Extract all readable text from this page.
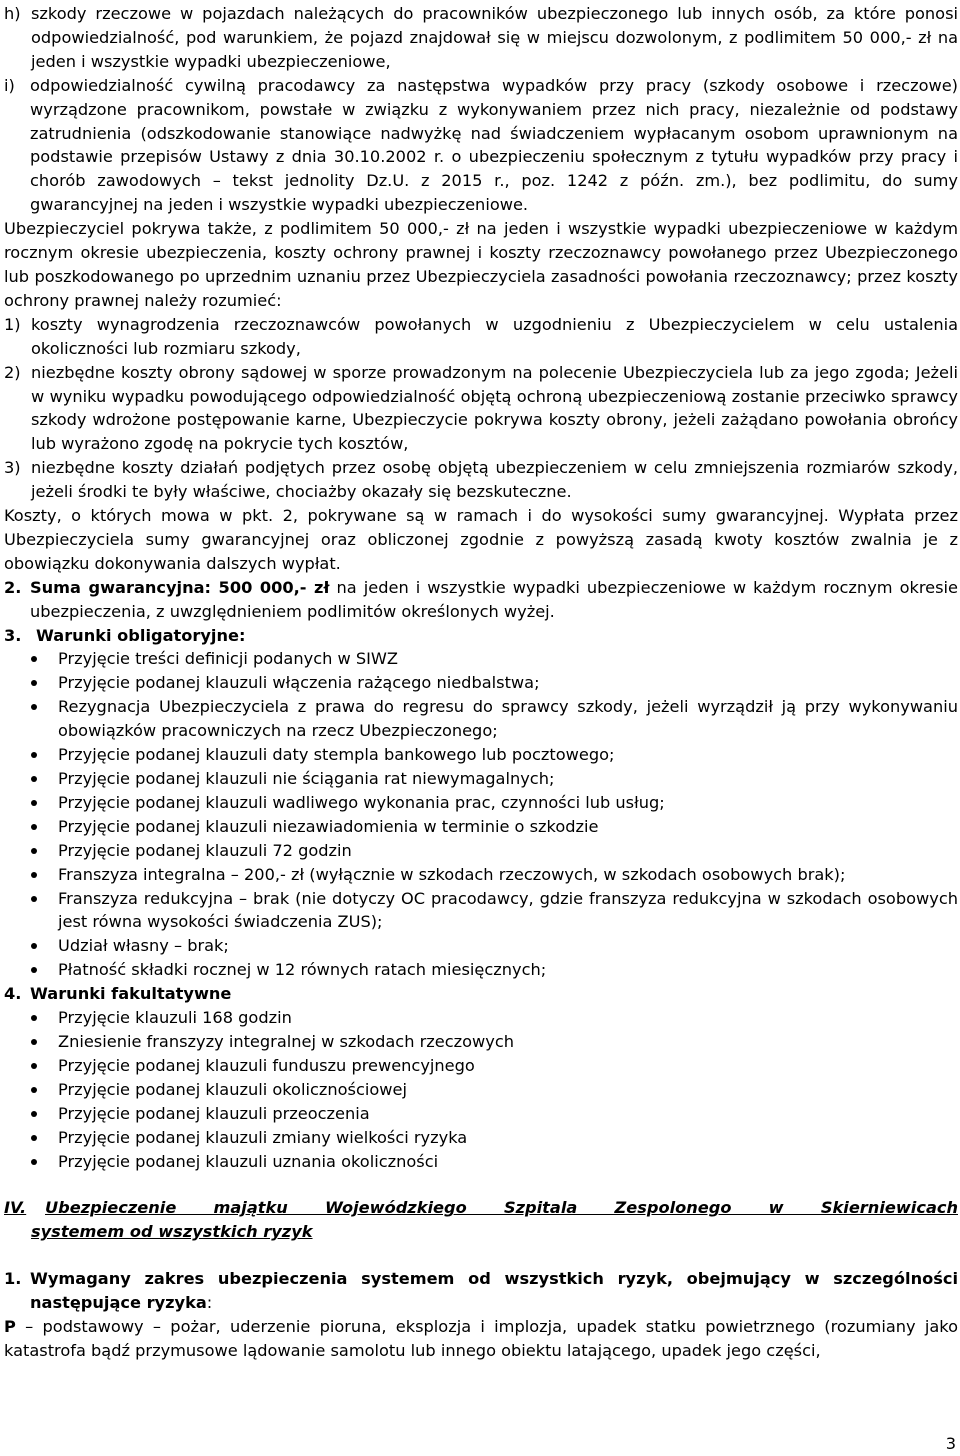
h) szkody rzeczowe w pojazdach należących do pracowników ubezpieczonego lub innych osób, za które ponosi odpowiedzialność, pod warunkiem, że pojazd znajdował się w miejscu dozwolonym, z podlimitem 50 000,- zł na jeden i wszystkie wypadki ubezpieczeniowe,
i) odpowiedzialność cywilną pracodawcy za następstwa wypadków przy pracy (szkody osobowe i rzeczowe) wyrządzone pracownikom, powstałe w związku z wykonywaniem przez nich pracy, niezależnie od podstawy zatrudnienia (odszkodowanie stanowiące nadwyżkę nad świadczeniem wypłacanym osobom uprawnionym na podstawie przepisów Ustawy z dnia 30.10.2002 r. o ubezpieczeniu społecznym z tytułu wypadków przy pracy i chorób zawodowych – tekst jednolity Dz.U. z 2015 r., poz. 1242 z późn. zm.), bez podlimitu, do sumy gwarancyjnej na jeden i wszystkie wypadki ubezpieczeniowe.

Ubezpieczyciel pokrywa także, z podlimitem 50 000,- zł na jeden i wszystkie wypadki ubezpieczeniowe w każdym rocznym okresie ubezpieczenia, koszty ochrony prawnej i koszty rzeczoznawcy powołanego przez Ubezpieczonego lub poszkodowanego po uprzednim uznaniu przez Ubezpieczyciela zasadności powołania rzeczoznawcy; przez koszty ochrony prawnej należy rozumieć:

1) koszty wynagrodzenia rzeczoznawców powołanych w uzgodnieniu z Ubezpieczycielem w celu ustalenia okoliczności lub rozmiaru szkody,
2) niezbędne koszty obrony sądowej w sporze prowadzonym na polecenie Ubezpieczyciela lub za jego zgoda; Jeżeli w wyniku wypadku powodującego odpowiedzialność objętą ochroną ubezpieczeniową zostanie przeciwko sprawcy szkody wdrożone postępowanie karne, Ubezpieczycie pokrywa koszty obrony, jeżeli zażądano powołania obrońcy lub wyrażono zgodę na pokrycie tych kosztów,
3) niezbędne koszty działań podjętych przez osobę objętą ubezpieczeniem w celu zmniejszenia rozmiarów szkody, jeżeli środki te były właściwe, chociażby okazały się bezskuteczne.

Koszty, o których mowa w pkt. 2, pokrywane są w ramach i do wysokości sumy gwarancyjnej. Wypłata przez Ubezpieczyciela sumy gwarancyjnej oraz obliczonej zgodnie z powyższą zasadą kwoty kosztów zwalnia je z obowiązku dokonywania dalszych wypłat.

2. Suma gwarancyjna: 500 000,- zł na jeden i wszystkie wypadki ubezpieczeniowe w każdym rocznym okresie ubezpieczenia, z uwzględnieniem podlimitów określonych wyżej.
3. Warunki obligatoryjne:
Przyjęcie treści definicji podanych w SIWZ
Przyjęcie podanej klauzuli włączenia rażącego niedbalstwa;
Rezygnacja Ubezpieczyciela z prawa do regresu do sprawcy szkody, jeżeli wyrządził ją przy wykonywaniu obowiązków pracowniczych na rzecz Ubezpieczonego;
Przyjęcie podanej klauzuli daty stempla bankowego lub pocztowego;
Przyjęcie podanej klauzuli nie ściągania rat niewymagalnych;
Przyjęcie podanej klauzuli wadliwego wykonania prac, czynności lub usług;
Przyjęcie podanej klauzuli niezawiadomienia w terminie o szkodzie
Przyjęcie podanej klauzuli 72 godzin
Franszyza integralna – 200,- zł (wyłącznie w szkodach rzeczowych, w szkodach osobowych brak);
Franszyza redukcyjna – brak (nie dotyczy OC pracodawcy, gdzie franszyza redukcyjna w szkodach osobowych jest równa wysokości świadczenia ZUS);
Udział własny – brak;
Płatność składki rocznej w 12 równych ratach miesięcznych;
4. Warunki fakultatywne
Przyjęcie klauzuli 168 godzin
Zniesienie franszyzy integralnej w szkodach rzeczowych
Przyjęcie podanej klauzuli funduszu prewencyjnego
Przyjęcie podanej klauzuli okolicznościowej
Przyjęcie podanej klauzuli przeoczenia
Przyjęcie podanej klauzuli zmiany wielkości ryzyka
Przyjęcie podanej klauzuli uznania okoliczności
IV.	Ubezpieczenie majątku Wojewódzkiego Szpitala Zespolonego w Skierniewicach
systemem od wszystkich ryzyk
1. Wymagany zakres ubezpieczenia systemem od wszystkich ryzyk, obejmujący w szczególności następujące ryzyka:

P – podstawowy – pożar, uderzenie pioruna, eksplozja i implozja, upadek statku powietrznego (rozumiany jako katastrofa bądź przymusowe lądowanie samolotu lub innego obiektu latającego, upadek jego części,

3
